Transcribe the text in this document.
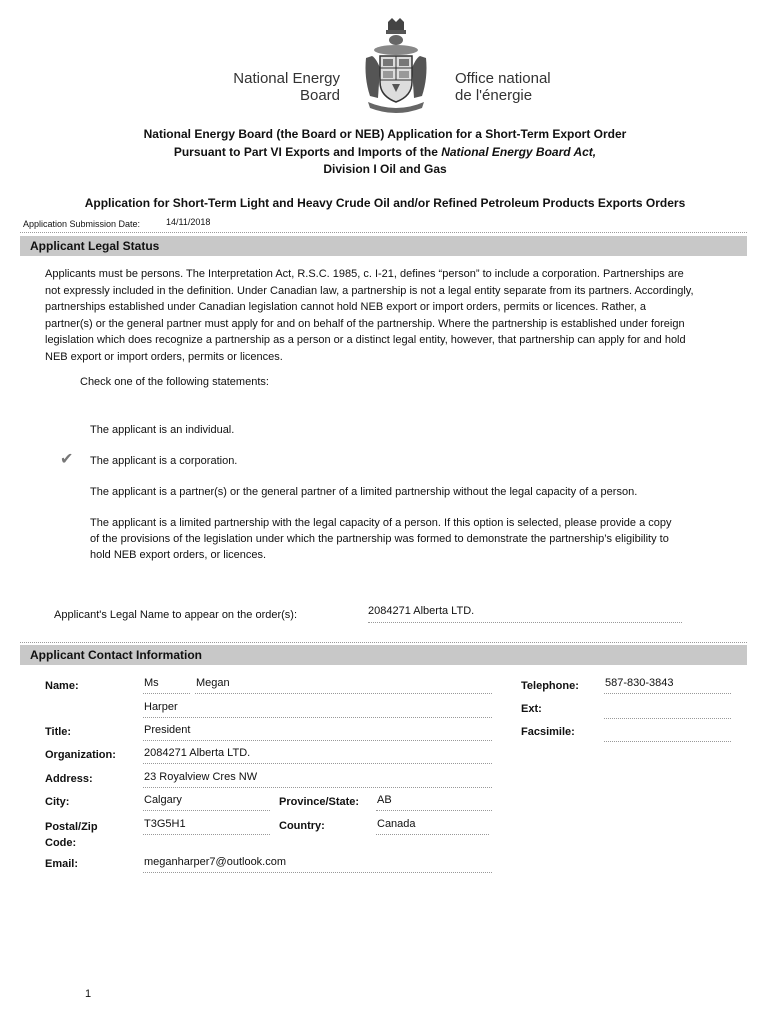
National Energy
Board
Office national
de l'énergie
National Energy Board (the Board or NEB) Application for a Short-Term Export Order
Pursuant to Part VI Exports and Imports of the National Energy Board Act,
Division I Oil and Gas
Application for Short-Term Light and Heavy Crude Oil and/or Refined Petroleum Products Exports Orders
Application Submission Date:	14/11/2018
Applicant Legal Status
Applicants must be persons. The Interpretation Act, R.S.C. 1985, c. I-21, defines “person” to include a corporation. Partnerships are not expressly included in the definition. Under Canadian law, a partnership is not a legal entity separate from its partners. Accordingly, partnerships established under Canadian legislation cannot hold NEB export or import orders, permits or licences. Rather, a partner(s) or the general partner must apply for and on behalf of the partnership. Where the partnership is established under foreign legislation which does recognize a partnership as a person or a distinct legal entity, however, that partnership can apply for and hold NEB export or import orders, permits or licences.
Check one of the following statements:
The applicant is an individual.
✔ The applicant is a corporation.
The applicant is a partner(s) or the general partner of a limited partnership without the legal capacity of a person.
The applicant is a limited partnership with the legal capacity of a person. If this option is selected, please provide a copy of the provisions of the legislation under which the partnership was formed to demonstrate the partnership’s eligibility to hold NEB export orders, or licences.
Applicant's Legal Name to appear on the order(s):	2084271 Alberta LTD.
Applicant Contact Information
Name:	Ms	Megan
Harper
Telephone: 587-830-3843
Ext:
Facsimile:
Title:	President
Organization:	2084271 Alberta LTD.
Address:	23 Royalview Cres NW
City:	Calgary	Province/State: AB
Postal/Zip
Code:
T3G5H1	Country:	Canada
Email:	meganharper7@outlook.com
1
